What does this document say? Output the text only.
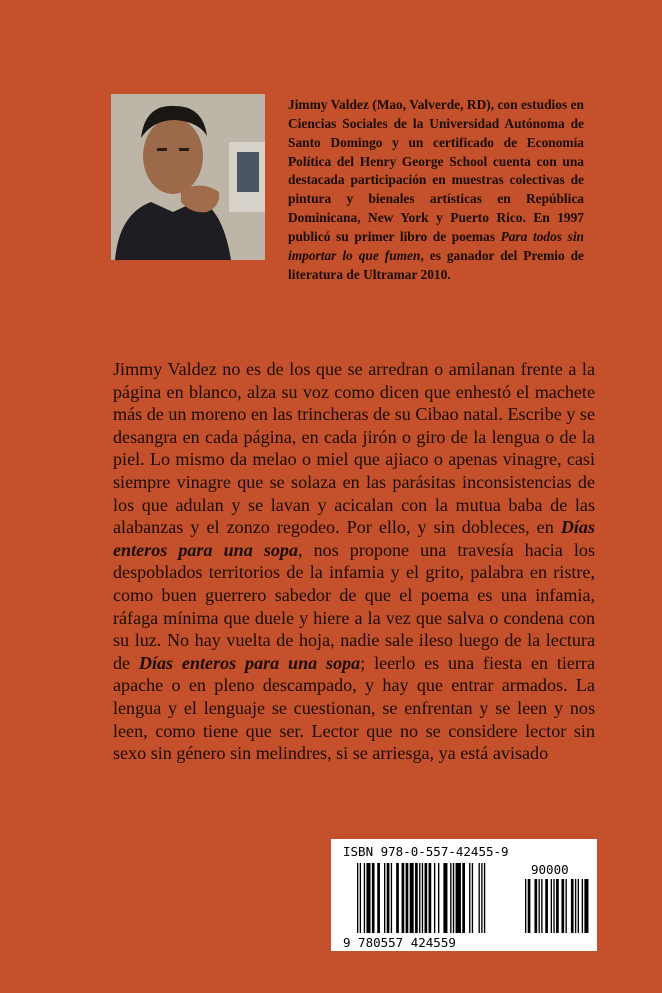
Jimmy Valdez (Mao, Valverde, RD), con estudios en Ciencias Sociales de la Universidad Autónoma de Santo Domingo y un certificado de Economía Política del Henry George School cuenta con una destacada participación en muestras colectivas de pintura y bienales artísticas en República Dominicana, New York y Puerto Rico. En 1997 publicó su primer libro de poemas Para todos sin importar lo que fumen, es ganador del Premio de literatura de Ultramar 2010.
Jimmy Valdez no es de los que se arredran o amilanan frente a la página en blanco, alza su voz como dicen que enhestó el machete más de un moreno en las trincheras de su Cibao natal. Escribe y se desangra en cada página, en cada jirón o giro de la lengua o de la piel. Lo mismo da melao o miel que ajiaco o apenas vinagre, casi siempre vinagre que se solaza en las parásitas inconsistencias de los que adulan y se lavan y acicalan con la mutua baba de las alabanzas y el zonzo regodeo. Por ello, y sin dobleces, en Días enteros para una sopa, nos propone una travesía hacia los despoblados territorios de la infamia y el grito, palabra en ristre, como buen guerrero sabedor de que el poema es una infamia, ráfaga mínima que duele y hiere a la vez que salva o condena con su luz. No hay vuelta de hoja, nadie sale ileso luego de la lectura de Días enteros para una sopa; leerlo es una fiesta en tierra apache o en pleno descampado, y hay que entrar armados. La lengua y el lenguaje se cuestionan, se enfrentan y se leen y nos leen, como tiene que ser. Lector que no se considere lector sin sexo sin género sin melindres, si se arriesga, ya está avisado
ISBN 978-0-557-42455-9
90000
9 780557 424559
